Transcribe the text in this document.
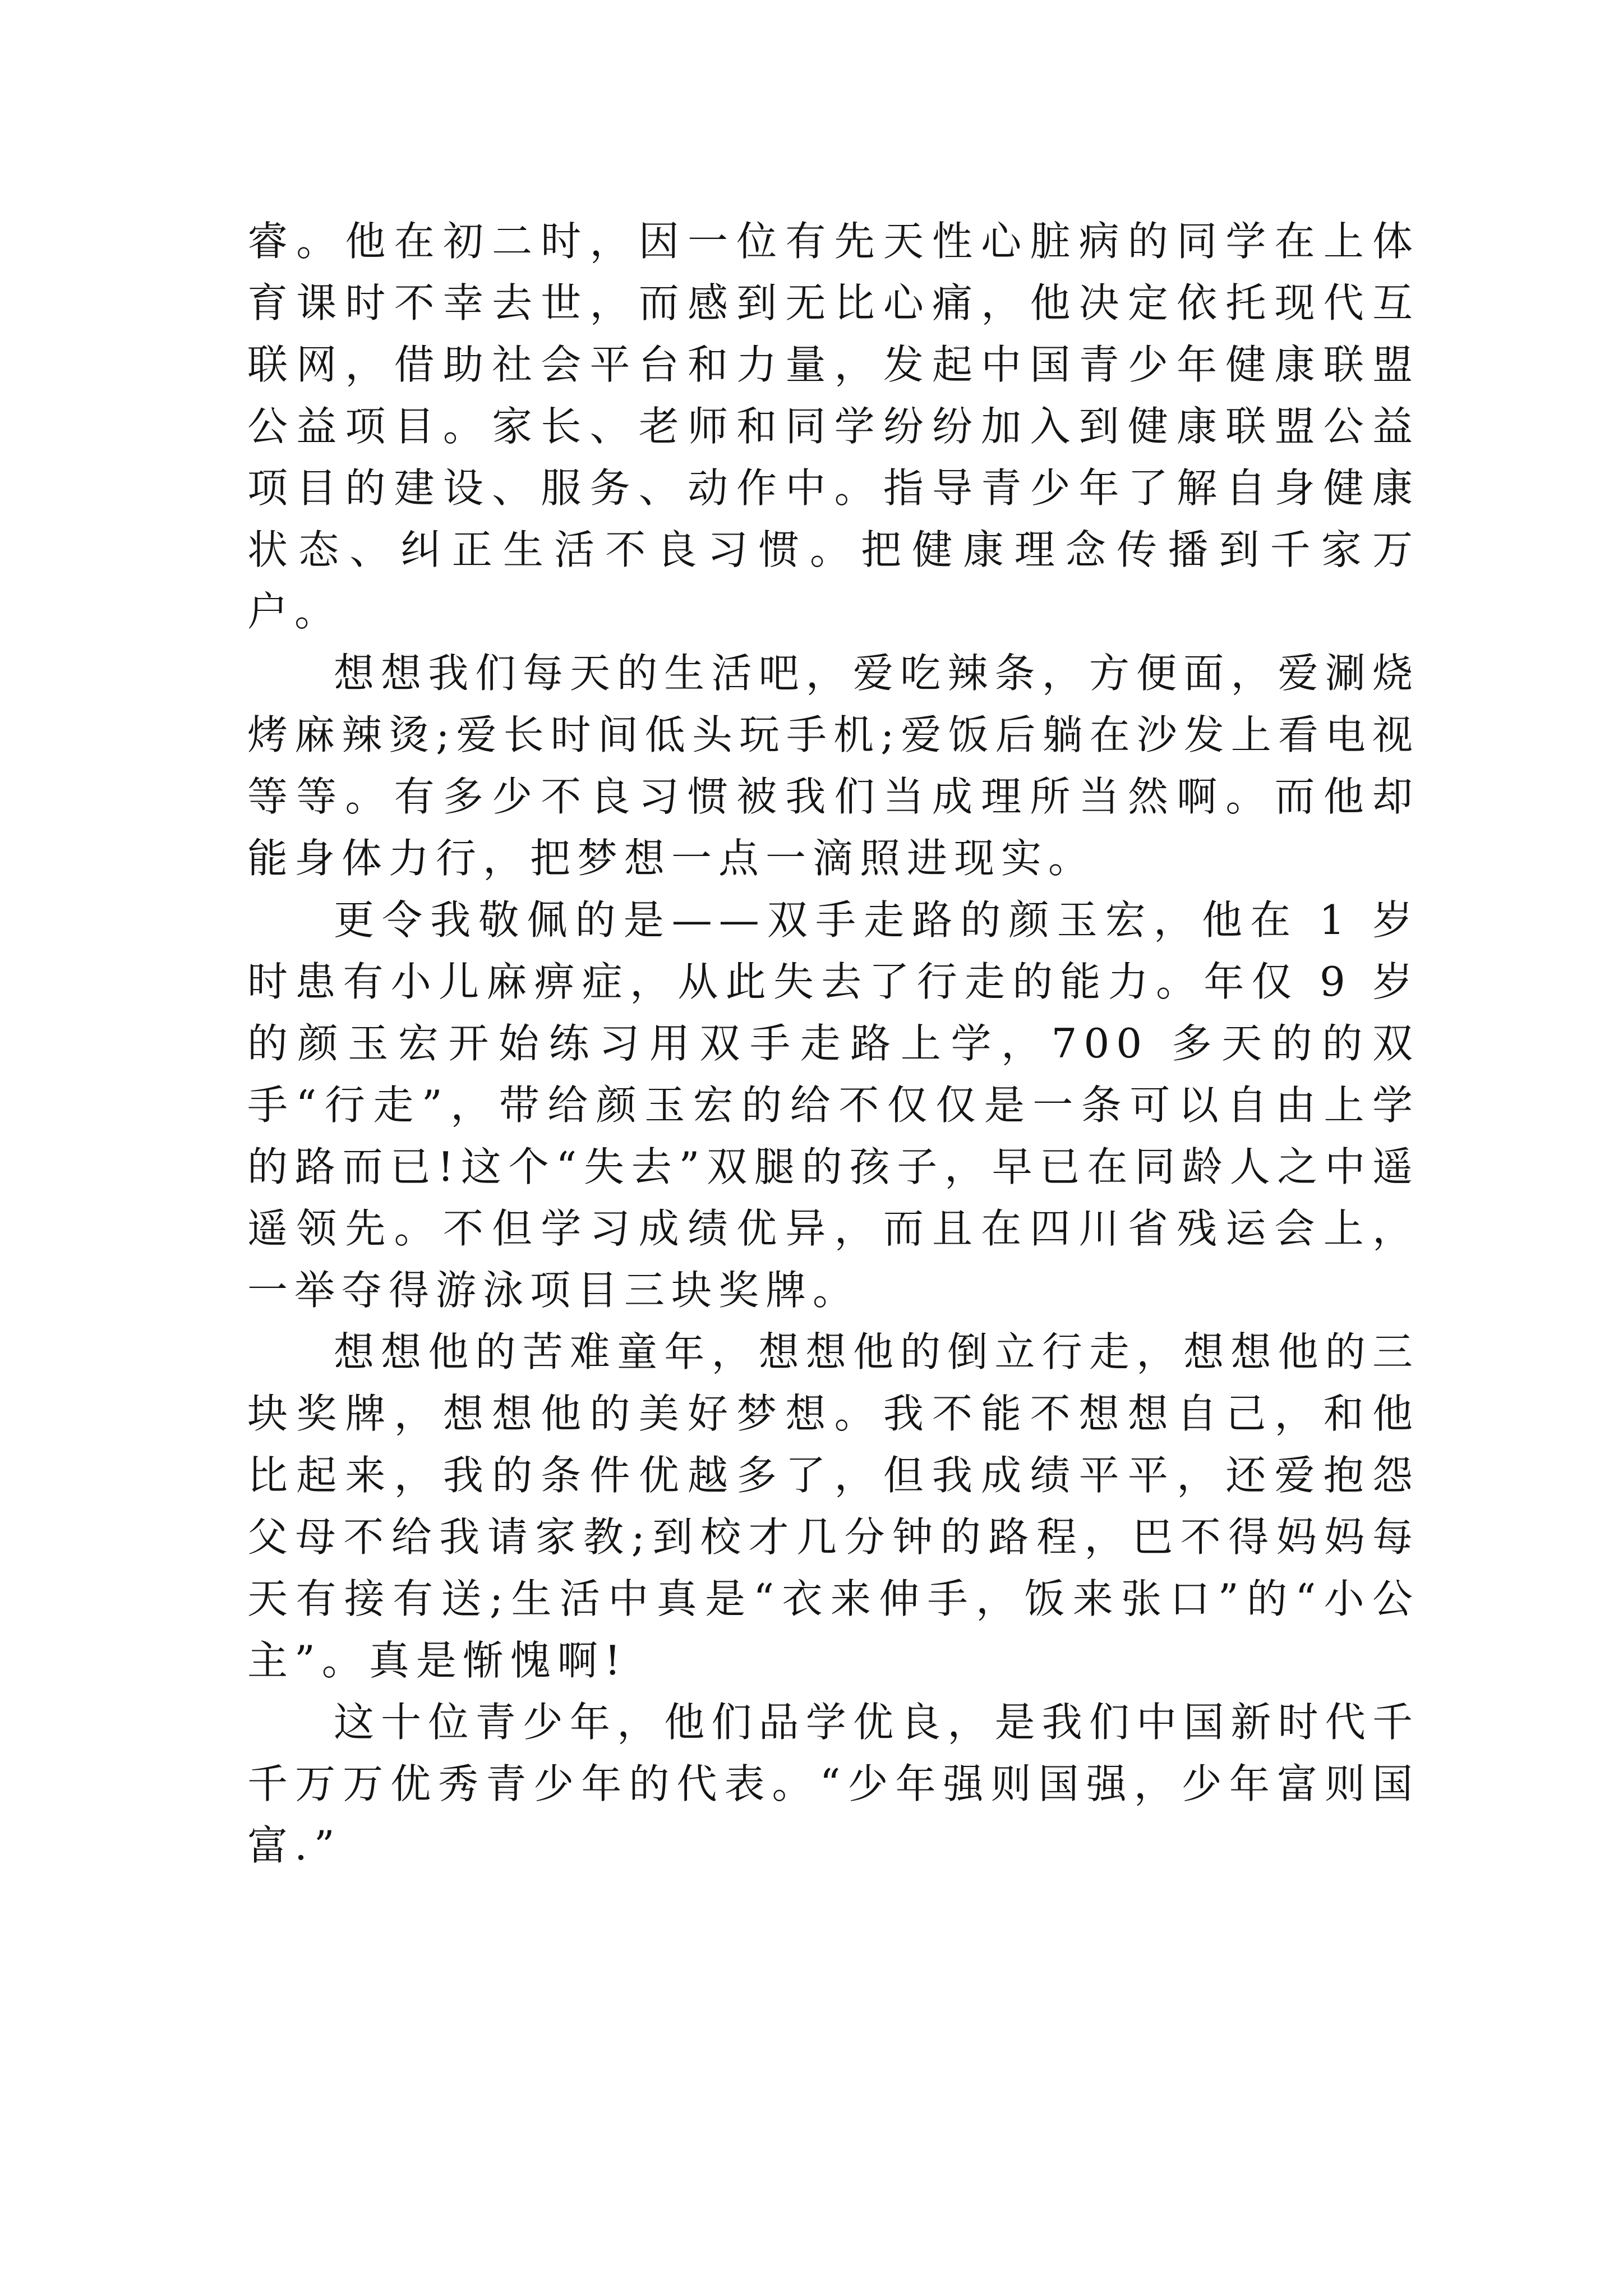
睿。他在初二时，因一位有先天性心脏病的同学在上体育课时不幸去世，而感到无比心痛，他决定依托现代互联网，借助社会平台和力量，发起中国青少年健康联盟公益项目。家长、老师和同学纷纷加入到健康联盟公益项目的建设、服务、动作中。指导青少年了解自身健康状态、纠正生活不良习惯。把健康理念传播到千家万户。

想想我们每天的生活吧，爱吃辣条，方便面，爱涮烧烤麻辣烫;爱长时间低头玩手机;爱饭后躺在沙发上看电视等等。有多少不良习惯被我们当成理所当然啊。而他却能身体力行，把梦想一点一滴照进现实。

更令我敬佩的是——双手走路的颜玉宏，他在 1 岁时患有小儿麻痹症，从此失去了行走的能力。年仅 9 岁的颜玉宏开始练习用双手走路上学，700 多天的的双手“行走”，带给颜玉宏的给不仅仅是一条可以自由上学的路而已!这个“失去”双腿的孩子，早已在同龄人之中遥遥领先。不但学习成绩优异，而且在四川省残运会上，一举夺得游泳项目三块奖牌。

想想他的苦难童年，想想他的倒立行走，想想他的三块奖牌，想想他的美好梦想。我不能不想想自己，和他比起来，我的条件优越多了，但我成绩平平，还爱抱怨父母不给我请家教;到校才几分钟的路程，巴不得妈妈每天有接有送;生活中真是“衣来伸手，饭来张口”的“小公主”。真是惭愧啊!

这十位青少年，他们品学优良，是我们中国新时代千千万万优秀青少年的代表。“少年强则国强，少年富则国富.”
